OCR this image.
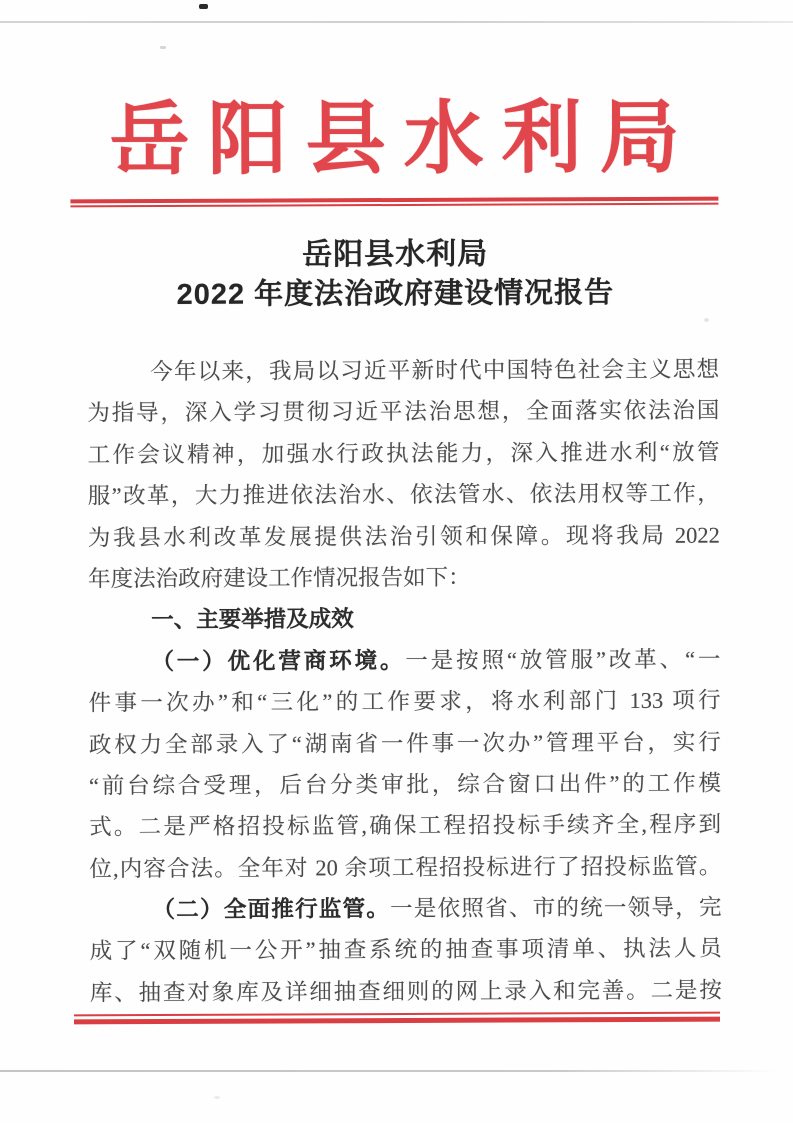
岳阳县水利局
岳阳县水利局
2022 年度法治政府建设情况报告
今年以来，我局以习近平新时代中国特色社会主义思想
为指导，深入学习贯彻习近平法治思想，全面落实依法治国
工作会议精神，加强水行政执法能力，深入推进水利“放管
服”改革，大力推进依法治水、依法管水、依法用权等工作，
为我县水利改革发展提供法治引领和保障。现将我局 2022
年度法治政府建设工作情况报告如下：
一、主要举措及成效
（一）优化营商环境。一是按照“放管服”改革、“一
件事一次办”和“三化”的工作要求，将水利部门 133 项行
政权力全部录入了“湖南省一件事一次办”管理平台，实行
“前台综合受理，后台分类审批，综合窗口出件”的工作模
式。二是严格招投标监管,确保工程招投标手续齐全,程序到
位,内容合法。全年对 20 余项工程招投标进行了招投标监管。
（二）全面推行监管。一是依照省、市的统一领导，完
成了“双随机一公开”抽查系统的抽查事项清单、执法人员
库、抽查对象库及详细抽查细则的网上录入和完善。二是按
